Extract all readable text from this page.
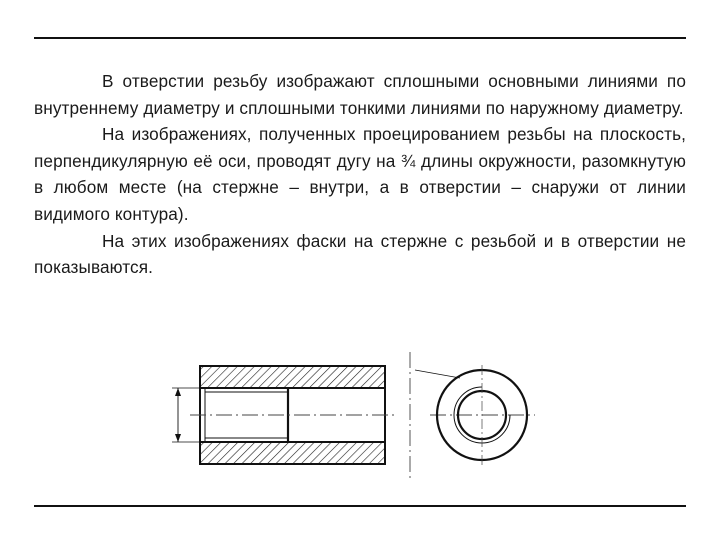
В отверстии резьбу изображают сплошными основными линиями по внутреннему диаметру и сплошными тонкими линиями по наружному диаметру.

На изображениях, полученных проецированием резьбы на плоскость, перпендикулярную её оси, проводят дугу на ¾ длины окружности, разомкнутую в любом месте (на стержне – внутри, а в отверстии – снаружи от линии видимого контура).

На этих изображениях фаски на стержне с резьбой и в отверстии не показываются.
